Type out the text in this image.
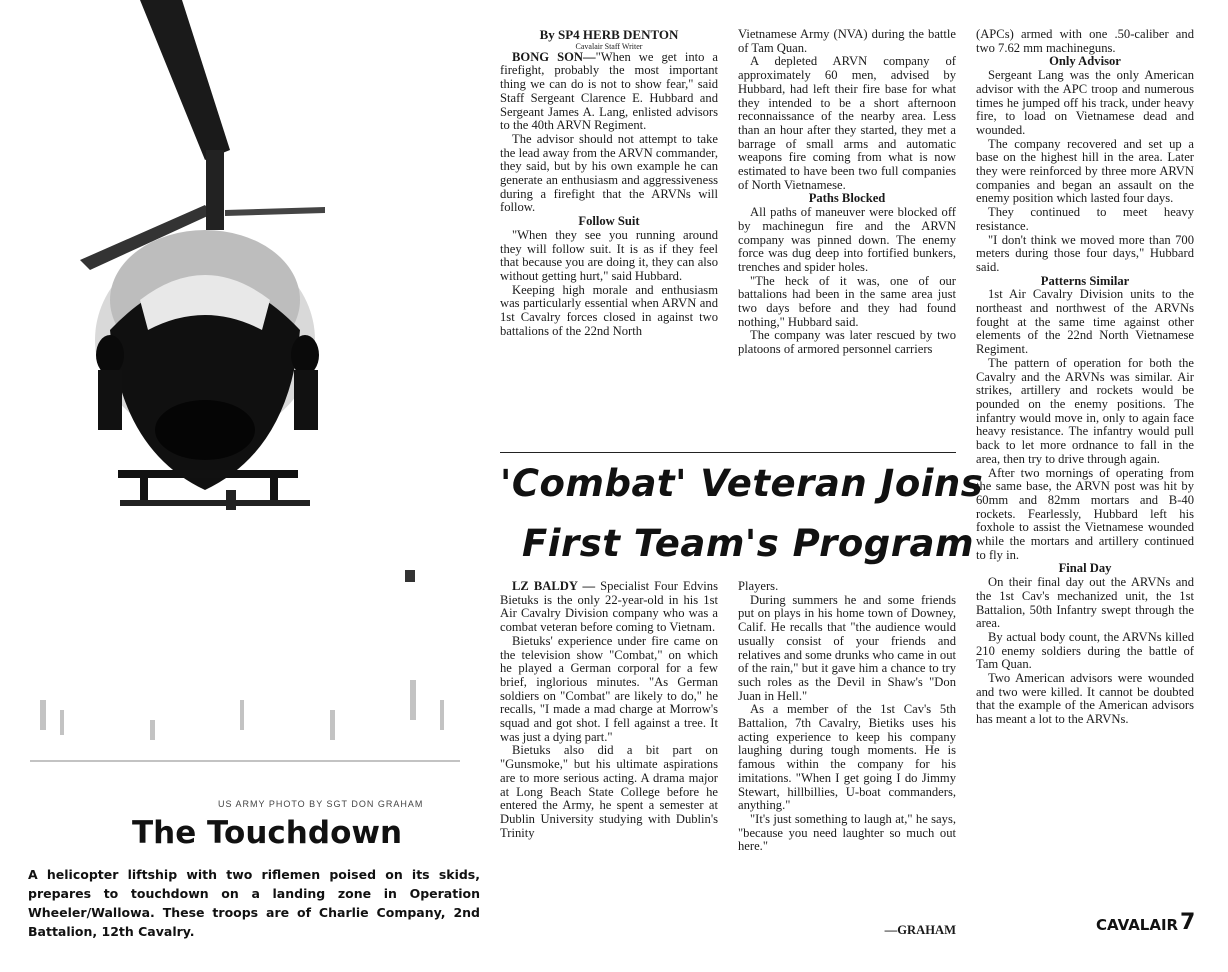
US ARMY PHOTO BY SGT DON GRAHAM
The Touchdown
A helicopter liftship with two riflemen poised on its skids, prepares to touchdown on a landing zone in Operation Wheeler/Wallowa. These troops are of Charlie Company, 2nd Battalion, 12th Cavalry.

By SP4 HERB DENTON

Cavalair Staff Writer

BONG SON—"When we get into a firefight, probably the most important thing we can do is not to show fear," said Staff Sergeant Clarence E. Hubbard and Sergeant James A. Lang, enlisted advisors to the 40th ARVN Regiment.

The advisor should not attempt to take the lead away from the ARVN commander, they said, but by his own example he can generate an enthusiasm and aggressiveness during a firefight that the ARVNs will follow.

Follow Suit

"When they see you running around they will follow suit. It is as if they feel that because you are doing it, they can also without getting hurt," said Hubbard.

Keeping high morale and enthusiasm was particularly essential when ARVN and 1st Cavalry forces closed in against two battalions of the 22nd North

Vietnamese Army (NVA) during the battle of Tam Quan.

A depleted ARVN company of approximately 60 men, advised by Hubbard, had left their fire base for what they intended to be a short afternoon reconnaissance of the nearby area. Less than an hour after they started, they met a barrage of small arms and automatic weapons fire coming from what is now estimated to have been two full companies of North Vietnamese.

Paths Blocked

All paths of maneuver were blocked off by machinegun fire and the ARVN company was pinned down. The enemy force was dug deep into fortified bunkers, trenches and spider holes.

"The heck of it was, one of our battalions had been in the same area just two days before and they had found nothing," Hubbard said.

The company was later rescued by two platoons of armored personnel carriers

(APCs) armed with one .50-caliber and two 7.62 mm machineguns.

Only Advisor

Sergeant Lang was the only American advisor with the APC troop and numerous times he jumped off his track, under heavy fire, to load on Vietnamese dead and wounded.

The company recovered and set up a base on the highest hill in the area. Later they were reinforced by three more ARVN companies and began an assault on the enemy position which lasted four days.

They continued to meet heavy resistance.

"I don't think we moved more than 700 meters during those four days," Hubbard said.

Patterns Similar

1st Air Cavalry Division units to the northeast and northwest of the ARVNs fought at the same time against other elements of the 22nd North Vietnamese Regiment.

The pattern of operation for both the Cavalry and the ARVNs was similar. Air strikes, artillery and rockets would be pounded on the enemy positions. The infantry would move in, only to again face heavy resistance. The infantry would pull back to let more ordnance to fall in the area, then try to drive through again.

After two mornings of operating from the same base, the ARVN post was hit by 60mm and 82mm mortars and B-40 rockets. Fearlessly, Hubbard left his foxhole to assist the Vietnamese wounded while the mortars and artillery continued to fly in.

Final Day

On their final day out the ARVNs and the 1st Cav's mechanized unit, the 1st Battalion, 50th Infantry swept through the area.

By actual body count, the ARVNs killed 210 enemy soldiers during the battle of Tam Quan.

Two American advisors were wounded and two were killed. It cannot be doubted that the example of the American advisors has meant a lot to the ARVNs.

'Combat' Veteran Joins
First Team's Program

LZ BALDY — Specialist Four Edvins Bietuks is the only 22-year-old in his 1st Air Cavalry Division company who was a combat veteran before coming to Vietnam.

Bietuks' experience under fire came on the television show "Combat," on which he played a German corporal for a few brief, inglorious minutes. "As German soldiers on "Combat" are likely to do," he recalls, "I made a mad charge at Morrow's squad and got shot. I fell against a tree. It was just a dying part."

Bietuks also did a bit part on "Gunsmoke," but his ultimate aspirations are to more serious acting. A drama major at Long Beach State College before he entered the Army, he spent a semester at Dublin University studying with Dublin's Trinity

Players.

During summers he and some friends put on plays in his home town of Downey, Calif. He recalls that "the audience would usually consist of your friends and relatives and some drunks who came in out of the rain," but it gave him a chance to try such roles as the Devil in Shaw's "Don Juan in Hell."

As a member of the 1st Cav's 5th Battalion, 7th Cavalry, Bietiks uses his acting experience to keep his company laughing during tough moments. He is famous within the company for his imitations. "When I get going I do Jimmy Stewart, hillbillies, U-boat commanders, anything."

"It's just something to laugh at," he says, "because you need laughter so much out here."

—GRAHAM	CAVALAIR 7
